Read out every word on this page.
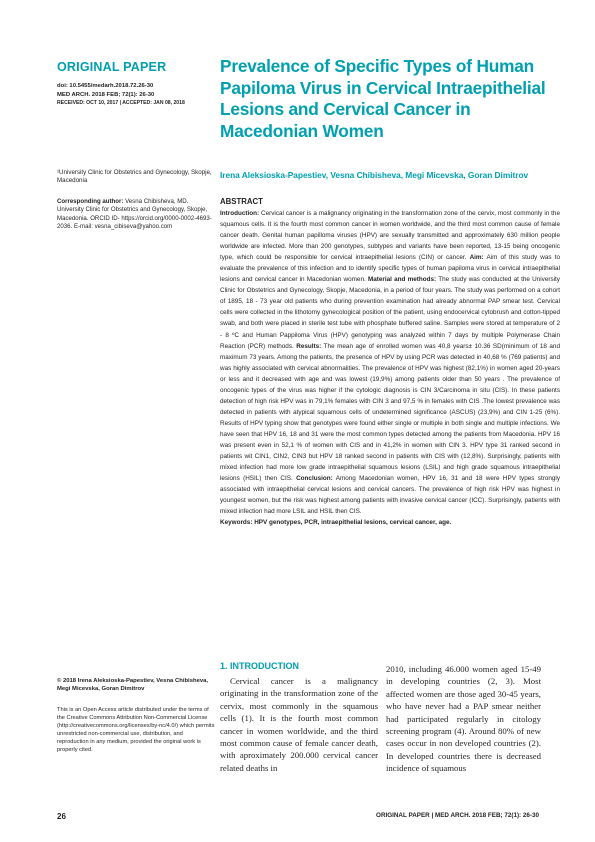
ORIGINAL PAPER
doi: 10.5455/medarh.2018.72.26-30
MED ARCH. 2018 FEB; 72(1): 26-30
RECEIVED: OCT 10, 2017 | ACCEPTED: JAN 08, 2018
¹University Clinic for Obstetrics and Gynecology, Skopje, Macedonia
Corresponding author: Vesna Chibisheva, MD. University Clinic for Obstetrics and Gynecology, Skopje, Macedonia. ORCID ID- https://orcid.org/0000-0002-4693-2036. E-mail: vesna_cibiseva@yahoo.com
© 2018 Irena Aleksioska-Papestiev, Vesna Chibisheva, Megi Micevska, Goran Dimitrov
This is an Open Access article distributed under the terms of the Creative Commons Attribution Non-Commercial License (http://creativecommons.org/licenses/by-nc/4.0/) which permits unrestricted non-commercial use, distribution, and reproduction in any medium, provided the original work is properly cited.
Prevalence of Specific Types of Human Papiloma Virus in Cervical Intraepithelial Lesions and Cervical Cancer in Macedonian Women
Irena Aleksioska-Papestiev, Vesna Chibisheva, Megi Micevska, Goran Dimitrov
ABSTRACT
Introduction: Cervical cancer is a malignancy originating in the transformation zone of the cervix, most commonly in the squamous cells. It is the fourth most common cancer in women worldwide, and the third most common cause of female cancer death. Genital human papilloma viruses (HPV) are sexually transmitted and approximately 630 million people worldwide are infected. More than 200 genotypes, subtypes and variants have been reported, 13-15 being oncogenic type, which could be responsible for cervical intraepithelial lesions (CIN) or cancer. Aim: Aim of this study was to evaluate the prevalence of this infection and to identify specific types of human papiloma virus in cervical intraepithelial lesions and cervical cancer in Macedonian women. Material and methods: The study was conducted at the University Clinic for Obstetrics and Gynecology, Skopje, Macedonia, in a period of four years. The study was performed on a cohort of 1895, 18 - 73 year old patients who during prevention examination had already abnormal PAP smear test. Cervical cells were collected in the lithotomy gynecological position of the patient, using endocervical cytobrush and cotton-tipped swab, and both were placed in sterile test tube with phosphate buffered saline. Samples were stored at temperature of 2 - 8 ºC and Human Pappiloma Virus (HPV) genotyping was analyzed within 7 days by multiple Polymerase Chain Reaction (PCR) methods. Results: The mean age of enrolled women was 40,8 years± 10.36 SD(minimum of 18 and maximum 73 years. Among the patients, the presence of HPV by using PCR was detected in 40,68 % (769 patients) and was highly associated with cervical abnormalities. The prevalence of HPV was highest (82,1%) in women aged 20-years or less and it decreased with age and was lowest (19,9%) among patients older than 50 years . The prevalence of oncogenic types of the virus was higher if the cytologic diagnosis is CIN 3/Carcinoma in situ (CIS). In these patients detection of high risk HPV was in 79,1% females with CIN 3 and 97,5 % in females with CIS .The lowest prevalence was detected in patients with atypical squamous cells of undetermined significance (ASCUS) (23,9%) and CIN 1-25 (6%). Results of HPV typing show that genotypes were found either single or multiple in both single and multiple infections. We have seen that HPV 16, 18 and 31 were the most common types detected among the patients from Macedonia. HPV 16 was present even in 52,1 % of women with CIS and in 41,2% in women with CIN 3. HPV type 31 ranked second in patients wit CIN1, CIN2, CIN3 but HPV 18 ranked second in patients with CIS with (12,8%). Surprisingly, patients with mixed infection had more low grade intraepithelial squamous lesions (LSIL) and high grade squamous intraepithelial lesions (HSIL) then CIS. Conclusion: Among Macedonian women, HPV 16, 31 and 18 were HPV types strongly associated with intraepithelial cervical lesions and cervical cancers. The prevalence of high risk HPV was highest in youngest women, but the risk was highest among patients with invasive cervical cancer (ICC). Surprisingly, patients with mixed infection had more LSIL and HSIL then CIS.
Keywords: HPV genotypes, PCR, intraepithelial lesions, cervical cancer, age.
1. INTRODUCTION
Cervical cancer is a malignancy originating in the transformation zone of the cervix, most commonly in the squamous cells (1). It is the fourth most common cancer in women worldwide, and the third most common cause of female cancer death, with aproximately 200.000 cervical cancer related deaths in
2010, including 46.000 women aged 15-49 in developing countries (2, 3). Most affected women are those aged 30-45 years, who have never had a PAP smear neither had participated regularly in citology screening program (4). Around 80% of new cases occur in non developed countries (2). In developed countries there is decreased incidence of squamous
26	ORIGINAL PAPER | MED ARCH. 2018 FEB; 72(1): 26-30
